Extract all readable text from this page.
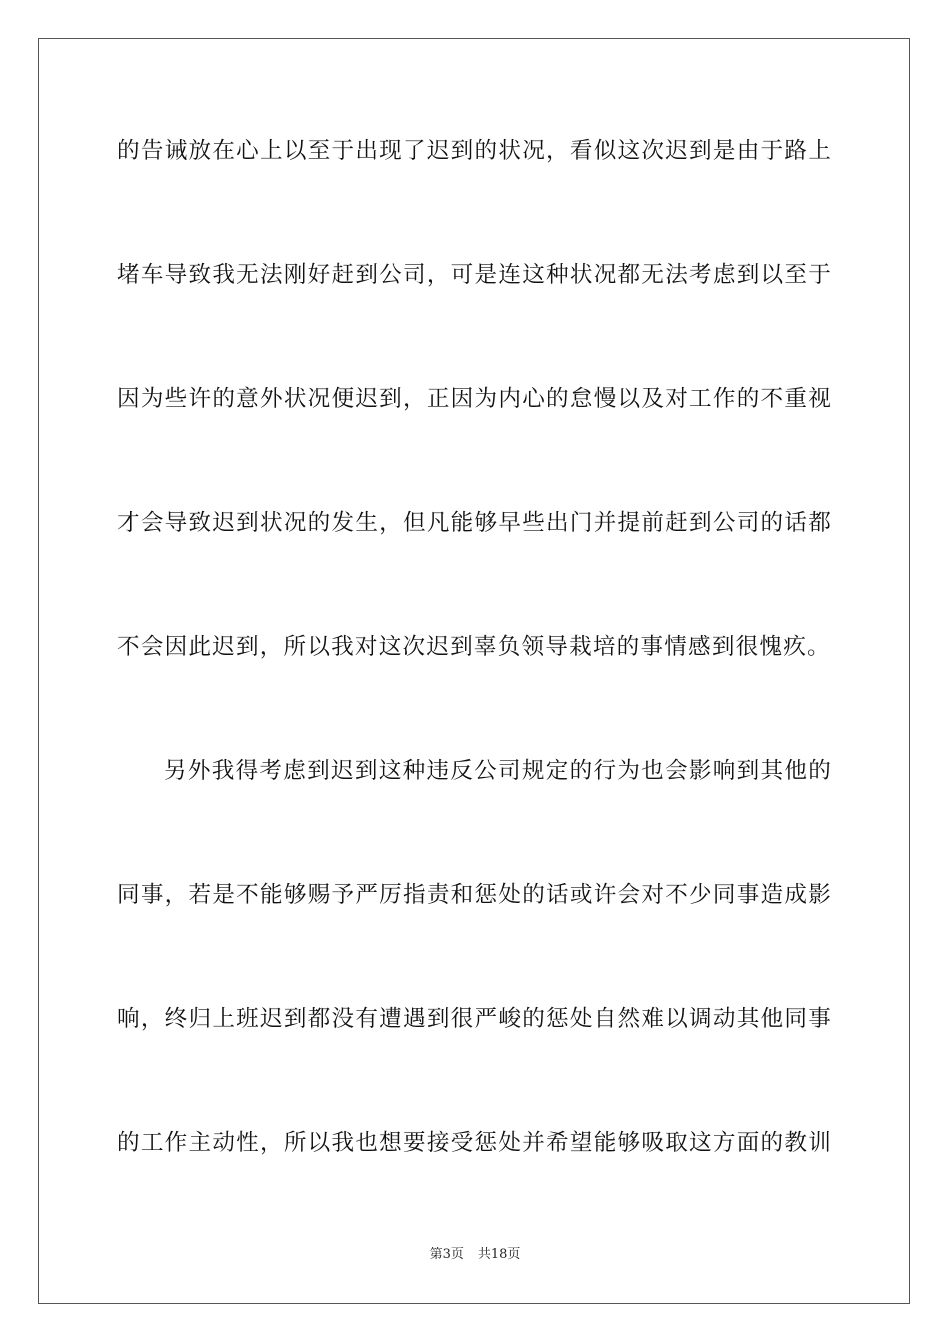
的告诫放在心上以至于出现了迟到的状况，看似这次迟到是由于路上
堵车导致我无法刚好赶到公司，可是连这种状况都无法考虑到以至于
因为些许的意外状况便迟到，正因为内心的怠慢以及对工作的不重视
才会导致迟到状况的发生，但凡能够早些出门并提前赶到公司的话都
不会因此迟到，所以我对这次迟到辜负领导栽培的事情感到很愧疚。
另外我得考虑到迟到这种违反公司规定的行为也会影响到其他的
同事，若是不能够赐予严厉指责和惩处的话或许会对不少同事造成影
响，终归上班迟到都没有遭遇到很严峻的惩处自然难以调动其他同事
的工作主动性，所以我也想要接受惩处并希望能够吸取这方面的教训
第3页 共18页
